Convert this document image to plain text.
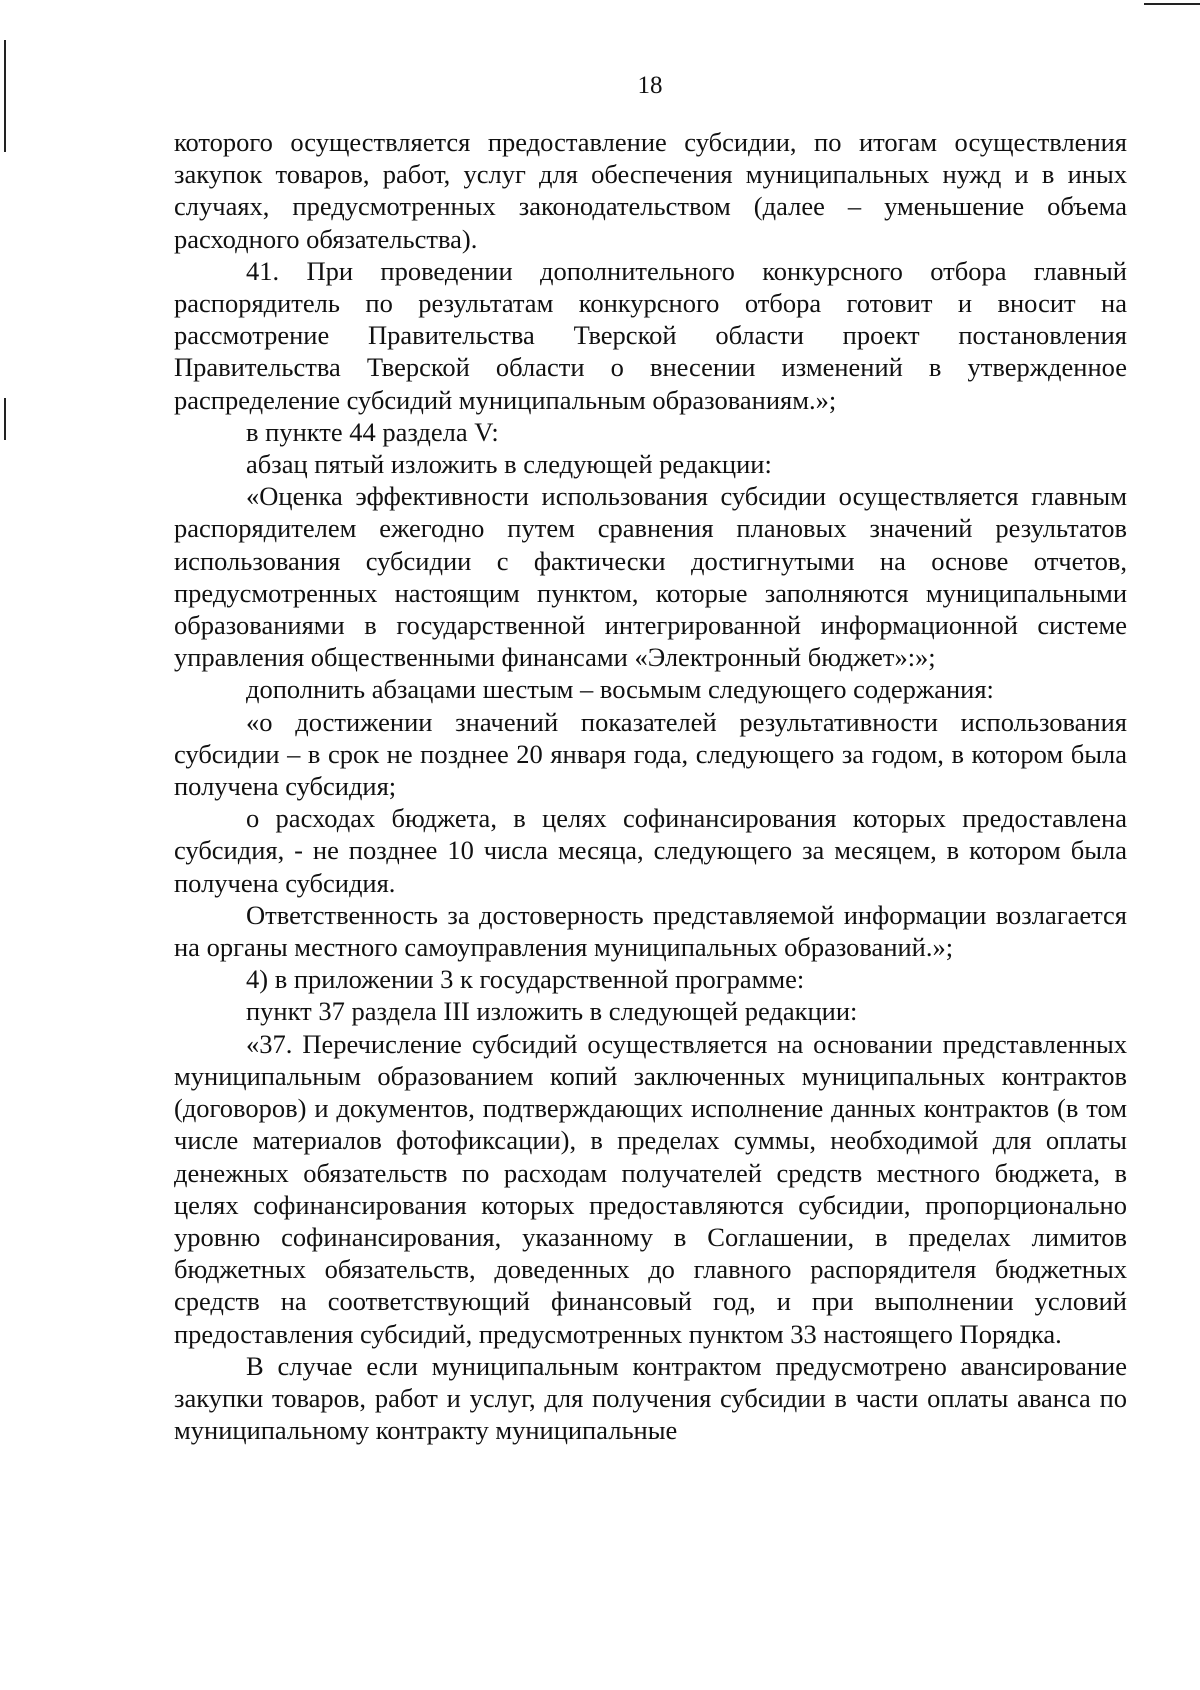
18

которого осуществляется предоставление субсидии, по итогам осуществления закупок товаров, работ, услуг для обеспечения муниципальных нужд и в иных случаях, предусмотренных законодательством (далее – уменьшение объема расходного обязательства).

41. При проведении дополнительного конкурсного отбора главный распорядитель по результатам конкурсного отбора готовит и вносит на рассмотрение Правительства Тверской области проект постановления Правительства Тверской области о внесении изменений в утвержденное распределение субсидий муниципальным образованиям.»;

в пункте 44 раздела V:

абзац пятый изложить в следующей редакции:

«Оценка эффективности использования субсидии осуществляется главным распорядителем ежегодно путем сравнения плановых значений результатов использования субсидии с фактически достигнутыми на основе отчетов, предусмотренных настоящим пунктом, которые заполняются муниципальными образованиями в государственной интегрированной информационной системе управления общественными финансами «Электронный бюджет»:»;

дополнить абзацами шестым – восьмым следующего содержания:

«о достижении значений показателей результативности использования субсидии – в срок не позднее 20 января года, следующего за годом, в котором была получена субсидия;

о расходах бюджета, в целях софинансирования которых предоставлена субсидия, - не позднее 10 числа месяца, следующего за месяцем, в котором была получена субсидия.

Ответственность за достоверность представляемой информации возлагается на органы местного самоуправления муниципальных образований.»;

4) в приложении 3 к государственной программе:

пункт 37 раздела III изложить в следующей редакции:

«37. Перечисление субсидий осуществляется на основании представленных муниципальным образованием копий заключенных муниципальных контрактов (договоров) и документов, подтверждающих исполнение данных контрактов (в том числе материалов фотофиксации), в пределах суммы, необходимой для оплаты денежных обязательств по расходам получателей средств местного бюджета, в целях софинансирования которых предоставляются субсидии, пропорционально уровню софинансирования, указанному в Соглашении, в пределах лимитов бюджетных обязательств, доведенных до главного распорядителя бюджетных средств на соответствующий финансовый год, и при выполнении условий предоставления субсидий, предусмотренных пунктом 33 настоящего Порядка.

В случае если муниципальным контрактом предусмотрено авансирование закупки товаров, работ и услуг, для получения субсидии в части оплаты аванса по муниципальному контракту муниципальные
